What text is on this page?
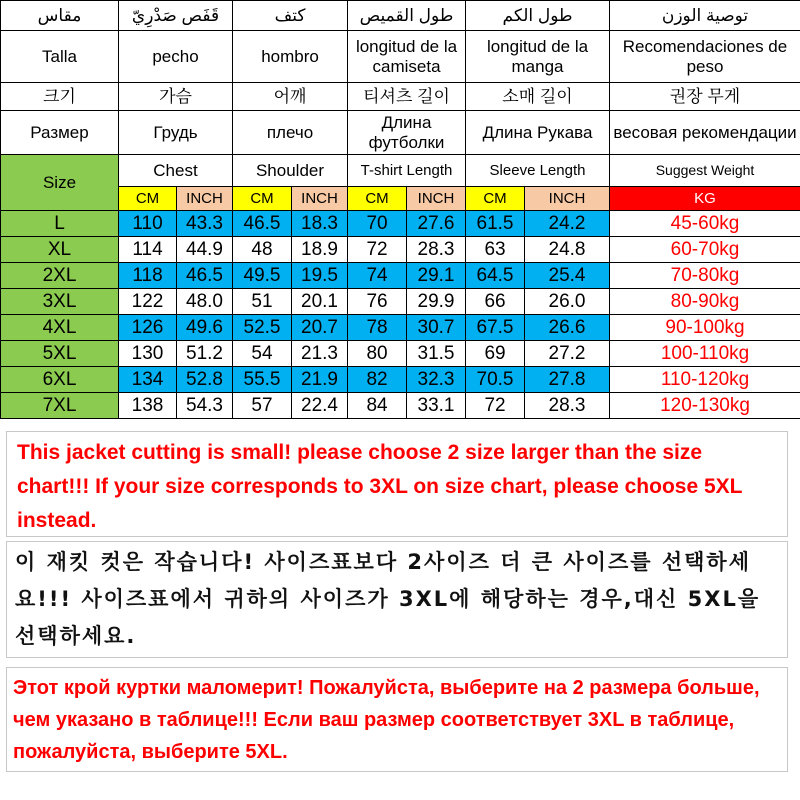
مقاس	قَفَص صَدْرِيّ		كتف		طول القميص		طول الكم		توصية الوزن
Talla	pecho		hombro		longitud de la camiseta		longitud de la manga		Recomendaciones de peso
크기	가슴		어깨		티셔츠 길이		소매 길이		권장 무게
Размер	Грудь		плечо		Длина футболки		Длина Рукава		весовая рекомендации
Size	Chest		Shoulder		T-shirt Length		Sleeve Length		Suggest Weight
	CM	INCH	CM	INCH	CM	INCH	CM	INCH	KG
L	110	43.3	46.5	18.3	70	27.6	61.5	24.2	45-60kg
XL	114	44.9	48	18.9	72	28.3	63	24.8	60-70kg
2XL	118	46.5	49.5	19.5	74	29.1	64.5	25.4	70-80kg
3XL	122	48.0	51	20.1	76	29.9	66	26.0	80-90kg
4XL	126	49.6	52.5	20.7	78	30.7	67.5	26.6	90-100kg
5XL	130	51.2	54	21.3	80	31.5	69	27.2	100-110kg
6XL	134	52.8	55.5	21.9	82	32.3	70.5	27.8	110-120kg
7XL	138	54.3	57	22.4	84	33.1	72	28.3	120-130kg
This jacket cutting is small! please choose 2 size larger than the size chart!!! If your size corresponds to 3XL on size chart, please choose 5XL instead.
이 재킷 컷은 작습니다! 사이즈표보다 2사이즈 더 큰 사이즈를 선택하세요!!! 사이즈표에서 귀하의 사이즈가 3XL에 해당하는 경우,대신 5XL을 선택하세요.
Этот крой куртки маломерит! Пожалуйста, выберите на 2 размера больше, чем указано в таблице!!! Если ваш размер соответствует 3XL в таблице, пожалуйста, выберите 5XL.
